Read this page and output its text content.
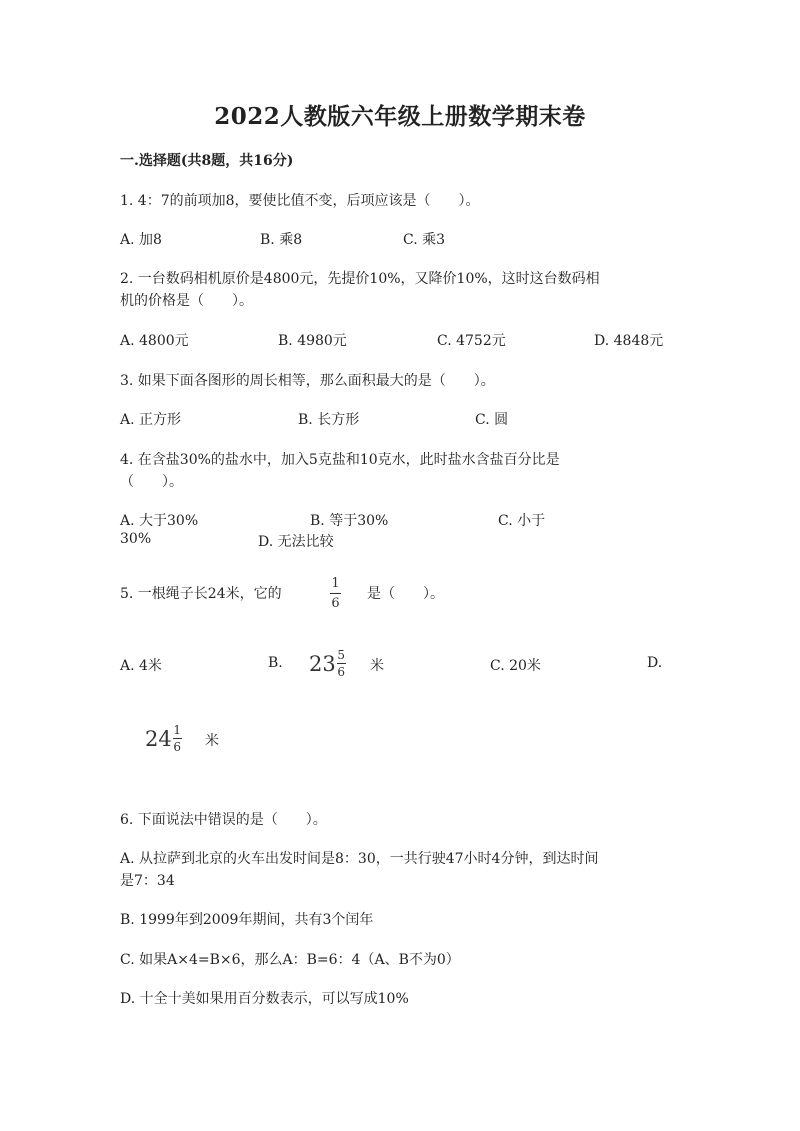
2022人教版六年级上册数学期末卷
一.选择题(共8题，共16分)
1. 4：7的前项加8，要使比值不变，后项应该是（　　）。
A. 加8	B. 乘8	C. 乘3
2. 一台数码相机原价是4800元，先提价10%，又降价10%，这时这台数码相
机的价格是（　　）。
A. 4800元	B. 4980元	C. 4752元	D. 4848元
3. 如果下面各图形的周长相等，那么面积最大的是（　　）。
A. 正方形	B. 长方形	C. 圆
4. 在含盐30%的盐水中，加入5克盐和10克水，此时盐水含盐百分比是
（　　）。
A. 大于30%	B. 等于30%	C. 小于
30%	D. 无法比较
5. 一根绳子长24米，它的
1
6
是（　　）。
A. 4米	B. 23 5
6 米	C. 20米	D.
24 1
6 米
6. 下面说法中错误的是（　　）。
A. 从拉萨到北京的火车出发时间是8：30，一共行驶47小时4分钟，到达时间
是7：34
B. 1999年到2009年期间，共有3个闰年
C. 如果A×4=B×6，那么A：B=6：4（A、B不为0）
D. 十全十美如果用百分数表示，可以写成10%
